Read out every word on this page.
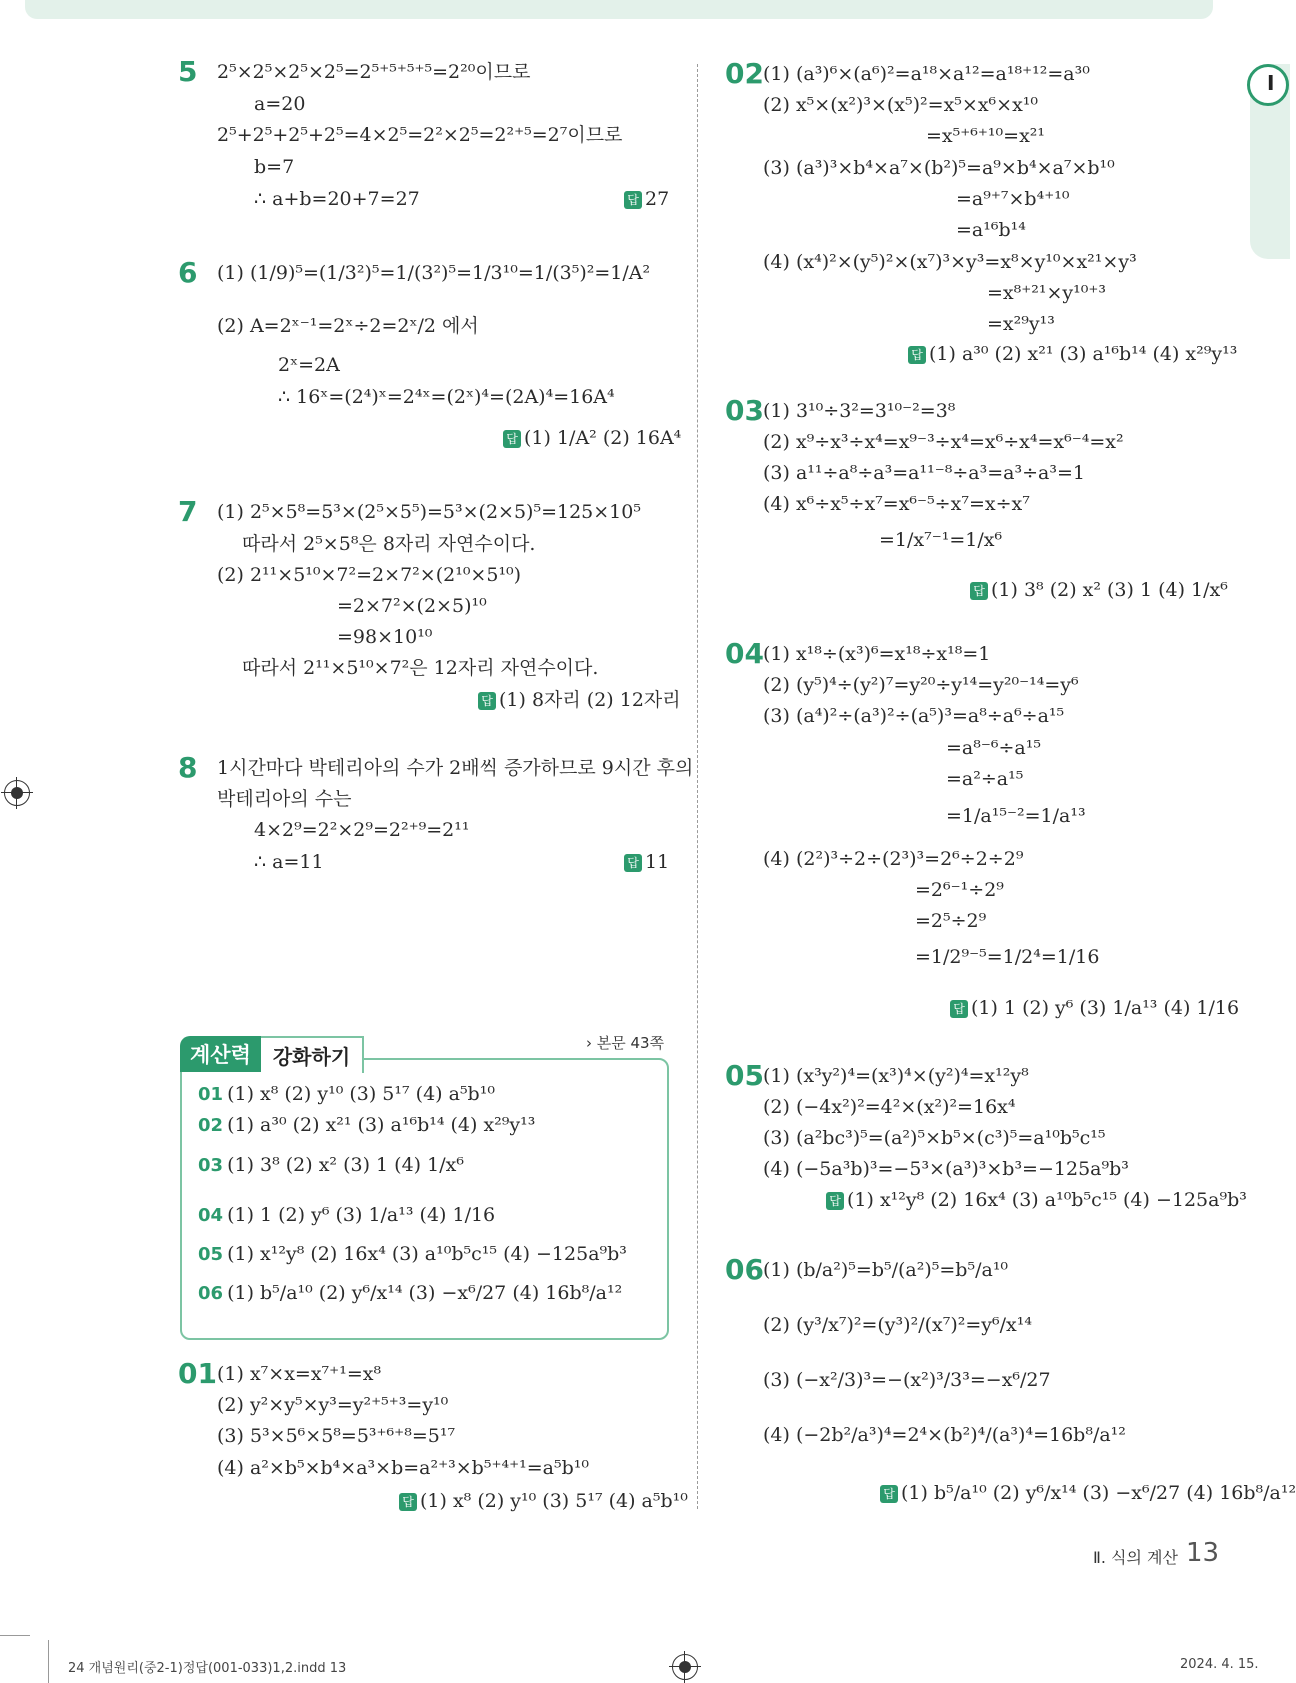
Ⅰ
5 2⁵×2⁵×2⁵×2⁵=2⁵⁺⁵⁺⁵⁺⁵=2²⁰이므로
a=20
2⁵+2⁵+2⁵+2⁵=4×2⁵=2²×2⁵=2²⁺⁵=2⁷이므로
b=7
∴ a+b=20+7=27	답 27
6 (1) (1/9)⁵=(1/3²)⁵=1/(3²)⁵=1/3¹⁰=1/(3⁵)²=1/A²
(2) A=2ˣ⁻¹=2ˣ÷2=2ˣ/2 에서
2ˣ=2A
∴ 16ˣ=(2⁴)ˣ=2⁴ˣ=(2ˣ)⁴=(2A)⁴=16A⁴
답 (1) 1/A² (2) 16A⁴
7 (1) 2⁵×5⁸=5³×(2⁵×5⁵)=5³×(2×5)⁵=125×10⁵
따라서 2⁵×5⁸은 8자리 자연수이다.
(2) 2¹¹×5¹⁰×7²=2×7²×(2¹⁰×5¹⁰)
=2×7²×(2×5)¹⁰
=98×10¹⁰
따라서 2¹¹×5¹⁰×7²은 12자리 자연수이다.
답 (1) 8자리 (2) 12자리
8 1시간마다 박테리아의 수가 2배씩 증가하므로 9시간 후의
박테리아의 수는
4×2⁹=2²×2⁹=2²⁺⁹=2¹¹
∴ a=11	답 11
계산력	강화하기
› 본문 43쪽
01 (1) x⁸ (2) y¹⁰ (3) 5¹⁷ (4) a⁵b¹⁰
02 (1) a³⁰ (2) x²¹ (3) a¹⁶b¹⁴ (4) x²⁹y¹³
03 (1) 3⁸ (2) x² (3) 1 (4) 1/x⁶
04 (1) 1 (2) y⁶ (3) 1/a¹³ (4) 1/16
05 (1) x¹²y⁸ (2) 16x⁴ (3) a¹⁰b⁵c¹⁵ (4) −125a⁹b³
06 (1) b⁵/a¹⁰ (2) y⁶/x¹⁴ (3) −x⁶/27 (4) 16b⁸/a¹²
01 (1) x⁷×x=x⁷⁺¹=x⁸
(2) y²×y⁵×y³=y²⁺⁵⁺³=y¹⁰
(3) 5³×5⁶×5⁸=5³⁺⁶⁺⁸=5¹⁷
(4) a²×b⁵×b⁴×a³×b=a²⁺³×b⁵⁺⁴⁺¹=a⁵b¹⁰
답 (1) x⁸ (2) y¹⁰ (3) 5¹⁷ (4) a⁵b¹⁰
02 (1) (a³)⁶×(a⁶)²=a¹⁸×a¹²=a¹⁸⁺¹²=a³⁰
(2) x⁵×(x²)³×(x⁵)²=x⁵×x⁶×x¹⁰
=x⁵⁺⁶⁺¹⁰=x²¹
(3) (a³)³×b⁴×a⁷×(b²)⁵=a⁹×b⁴×a⁷×b¹⁰
=a⁹⁺⁷×b⁴⁺¹⁰
=a¹⁶b¹⁴
(4) (x⁴)²×(y⁵)²×(x⁷)³×y³=x⁸×y¹⁰×x²¹×y³
=x⁸⁺²¹×y¹⁰⁺³
=x²⁹y¹³
답 (1) a³⁰ (2) x²¹ (3) a¹⁶b¹⁴ (4) x²⁹y¹³
03 (1) 3¹⁰÷3²=3¹⁰⁻²=3⁸
(2) x⁹÷x³÷x⁴=x⁹⁻³÷x⁴=x⁶÷x⁴=x⁶⁻⁴=x²
(3) a¹¹÷a⁸÷a³=a¹¹⁻⁸÷a³=a³÷a³=1
(4) x⁶÷x⁵÷x⁷=x⁶⁻⁵÷x⁷=x÷x⁷
=1/x⁷⁻¹=1/x⁶
답 (1) 3⁸ (2) x² (3) 1 (4) 1/x⁶
04 (1) x¹⁸÷(x³)⁶=x¹⁸÷x¹⁸=1
(2) (y⁵)⁴÷(y²)⁷=y²⁰÷y¹⁴=y²⁰⁻¹⁴=y⁶
(3) (a⁴)²÷(a³)²÷(a⁵)³=a⁸÷a⁶÷a¹⁵
=a⁸⁻⁶÷a¹⁵
=a²÷a¹⁵
=1/a¹⁵⁻²=1/a¹³
(4) (2²)³÷2÷(2³)³=2⁶÷2÷2⁹
=2⁶⁻¹÷2⁹
=2⁵÷2⁹
=1/2⁹⁻⁵=1/2⁴=1/16
답 (1) 1 (2) y⁶ (3) 1/a¹³ (4) 1/16
05 (1) (x³y²)⁴=(x³)⁴×(y²)⁴=x¹²y⁸
(2) (−4x²)²=4²×(x²)²=16x⁴
(3) (a²bc³)⁵=(a²)⁵×b⁵×(c³)⁵=a¹⁰b⁵c¹⁵
(4) (−5a³b)³=−5³×(a³)³×b³=−125a⁹b³
답 (1) x¹²y⁸ (2) 16x⁴ (3) a¹⁰b⁵c¹⁵ (4) −125a⁹b³
06 (1) (b/a²)⁵=b⁵/(a²)⁵=b⁵/a¹⁰
(2) (y³/x⁷)²=(y³)²/(x⁷)²=y⁶/x¹⁴
(3) (−x²/3)³=−(x²)³/3³=−x⁶/27
(4) (−2b²/a³)⁴=2⁴×(b²)⁴/(a³)⁴=16b⁸/a¹²
답 (1) b⁵/a¹⁰ (2) y⁶/x¹⁴ (3) −x⁶/27 (4) 16b⁸/a¹²
Ⅱ. 식의 계산 13
24 개념원리(중2-1)정답(001-033)1,2.indd 13	2024. 4. 15.
